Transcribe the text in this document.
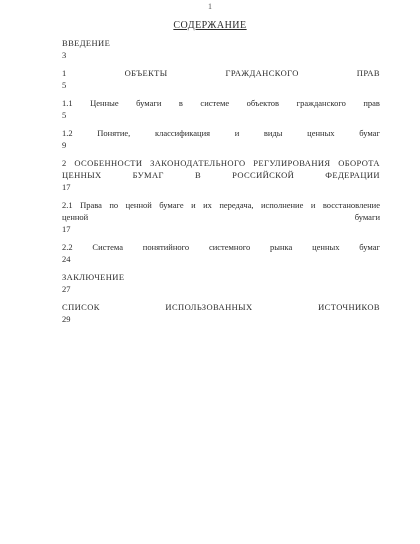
1
СОДЕРЖАНИЕ
ВВЕДЕНИЕ
3
1	ОБЪЕКТЫ	ГРАЖДАНСКОГО	ПРАВ
5
1.1 Ценные бумаги в системе объектов гражданского прав
5
1.2	Понятие,	классификация	и	виды	ценных	бумаг
9
2 ОСОБЕННОСТИ ЗАКОНОДАТЕЛЬНОГО РЕГУЛИРОВАНИЯ ОБОРОТА
ЦЕННЫХ	БУМАГ	В	РОССИЙСКОЙ	ФЕДЕРАЦИИ
17
2.1 Права по ценной бумаге и их передача, исполнение и восстановление
ценной	бумаги
17
2.2 Система понятийного системного рынка ценных бумаг
24
ЗАКЛЮЧЕНИЕ
27
СПИСОК	ИСПОЛЬЗОВАННЫХ	ИСТОЧНИКОВ
29
